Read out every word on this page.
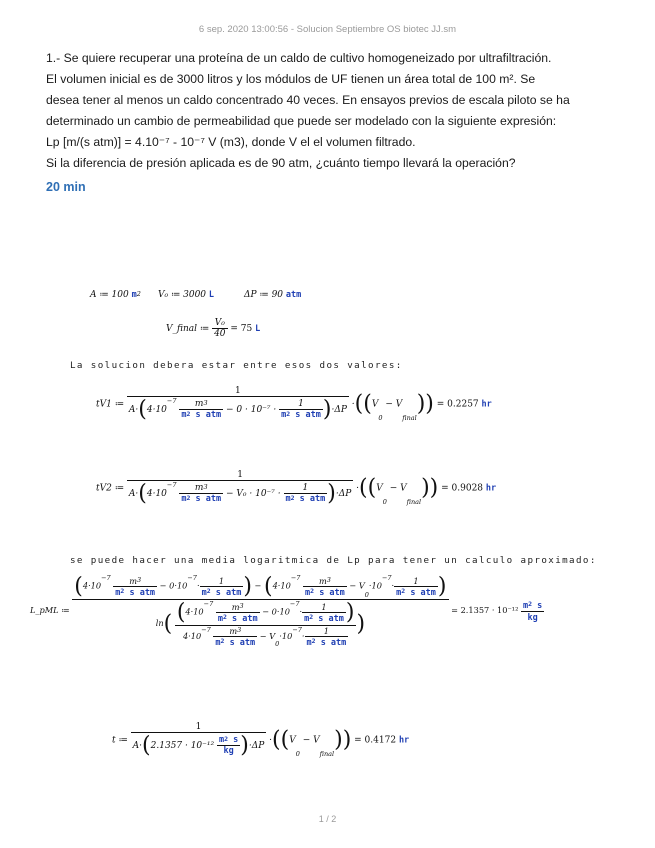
6 sep. 2020 13:00:56 - Solucion Septiembre OS biotec JJ.sm

1.- Se quiere recuperar una proteína de un caldo de cultivo homogeneizado por ultrafiltración.

El volumen inicial es de 3000 litros y los módulos de UF tienen un área total de 100 m². Se

desea tener al menos un caldo concentrado 40 veces. En ensayos previos de escala piloto se ha

determinado un cambio de permeabilidad que puede ser modelado con la siguiente expresión:

Lp [m/(s atm)] = 4.10⁻⁷ - 10⁻⁷ V (m3), donde V el el volumen filtrado.

Si la diferencia de presión aplicada es de 90 atm, ¿cuánto tiempo llevará la operación?

20 min
A ≔ 100 $m^2$ V₀ ≔ 3000 L	ΔP ≔ 90 atm
V_final ≔ $\frac{\text{V₀}}{40} = 75$ L
La solucion debera estar entre esos dos valores:
tV1 ≔
1
$A\cdot(4\cdot 10^{-7} \frac{m^3}{m^2 s atm} - 0 \cdot 10^{-7} \cdot \frac{1}{m^2 s atm} )\cdot\Delta P$
·((V0 − Vfinal)) = 0.2257 hr
tV2 ≔
1
$A\cdot(4\cdot 10^{-7} \frac{m^3}{m^2 s atm} - V_0 \cdot 10^{-7} \cdot \frac{1}{m^2 s atm} )\cdot\Delta P$
·((V0 − Vfinal)) = 0.9028 hr
se puede hacer una media logaritmica de Lp para tener un calculo aproximado:
L_pML ≔
($4\cdot 10^{-7} \frac{m^3}{m^2 s atm} - 0\cdot 10^{-7}\cdot \frac{1}{m^2 s atm}$ ) − ($4\cdot 10^{-7} \frac{m^3}{m^2 s atm} - V0\cdot 10^{-7}\cdot \frac{1}{m^2 s atm}$ )
$\ln( \frac{(4\cdot 10^{-7} \frac{m^3}{m^2 s atm} - 0\cdot 10^{-7}\cdot \frac{1}{m^2 s atm} )}{4\cdot 10^{-7} \frac{m^3}{m^2 s atm} - V0\cdot 10^{-7}\cdot \frac{1}{m^2 s atm}}$ )
= $2.1357 \cdot 10^{-12} \frac{m^2 s}{kg}$
t ≔ $\frac{1}{A\cdot(2.1357 \cdot 10^{-12} \frac{m^2 s}{kg} )\cdot\Delta P} \cdot((V0$ − Vfinal)) = 0.4172 hr
1 / 2
